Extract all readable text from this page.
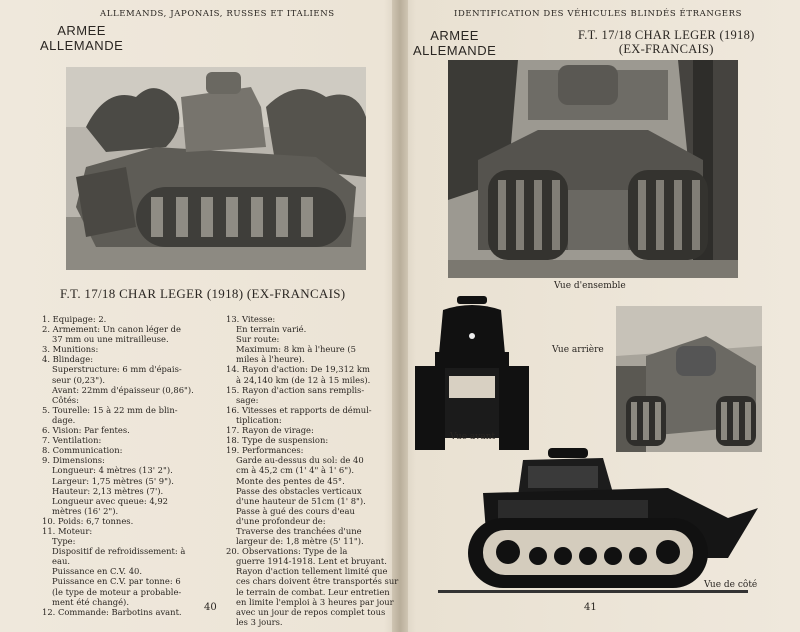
ALLEMANDS, JAPONAIS, RUSSES ET ITALIENS
ARMEE
ALLEMANDE
F.T. 17/18 CHAR LEGER (1918) (EX-FRANCAIS)
1. Equipage: 2.
2. Armement: Un canon léger de
37 mm ou une mitrailleuse.
3. Munitions:
4. Blindage:
Superstructure: 6 mm d'épais-
seur (0,23").
Avant: 22mm d'épaisseur (0,86").
Côtés:
5. Tourelle: 15 à 22 mm de blin-
dage.
6. Vision: Par fentes.
7. Ventilation:
8. Communication:
9. Dimensions:
Longueur: 4 mètres (13' 2").
Largeur: 1,75 mètres (5' 9").
Hauteur: 2,13 mètres (7').
Longueur avec queue: 4,92
mètres (16' 2").
10. Poids: 6,7 tonnes.
11. Moteur:
Type:
Dispositif de refroidissement: à
eau.
Puissance en C.V. 40.
Puissance en C.V. par tonne: 6
(le type de moteur a probable-
ment été changé).
12. Commande: Barbotins avant.
13. Vitesse:
En terrain varié.
Sur route:
Maximum: 8 km à l'heure (5
miles à l'heure).
14. Rayon d'action: De 19,312 km
à 24,140 km (de 12 à 15 miles).
15. Rayon d'action sans remplis-
sage:
16. Vitesses et rapports de démul-
tiplication:
17. Rayon de virage:
18. Type de suspension:
19. Performances:
Garde au-dessus du sol: de 40
cm à 45,2 cm (1' 4" à 1' 6").
Monte des pentes de 45°.
Passe des obstacles verticaux
d'une hauteur de 51cm (1' 8").
Passe à gué des cours d'eau
d'une profondeur de:
Traverse des tranchées d'une
largeur de: 1,8 mètre (5' 11").
20. Observations: Type de la
guerre 1914-1918. Lent et bruyant.
Rayon d'action tellement limité que
ces chars doivent être transportés sur
le terrain de combat. Leur entretien
en limite l'emploi à 3 heures par jour
avec un jour de repos complet tous
les 3 jours.
40
IDENTIFICATION DES VÉHICULES BLINDÉS ÉTRANGERS
ARMEE
ALLEMANDE
F.T. 17/18 CHAR LEGER (1918)
(EX-FRANCAIS)
Vue d'ensemble
Vue avant
Vue arrière
Vue de côté
41
